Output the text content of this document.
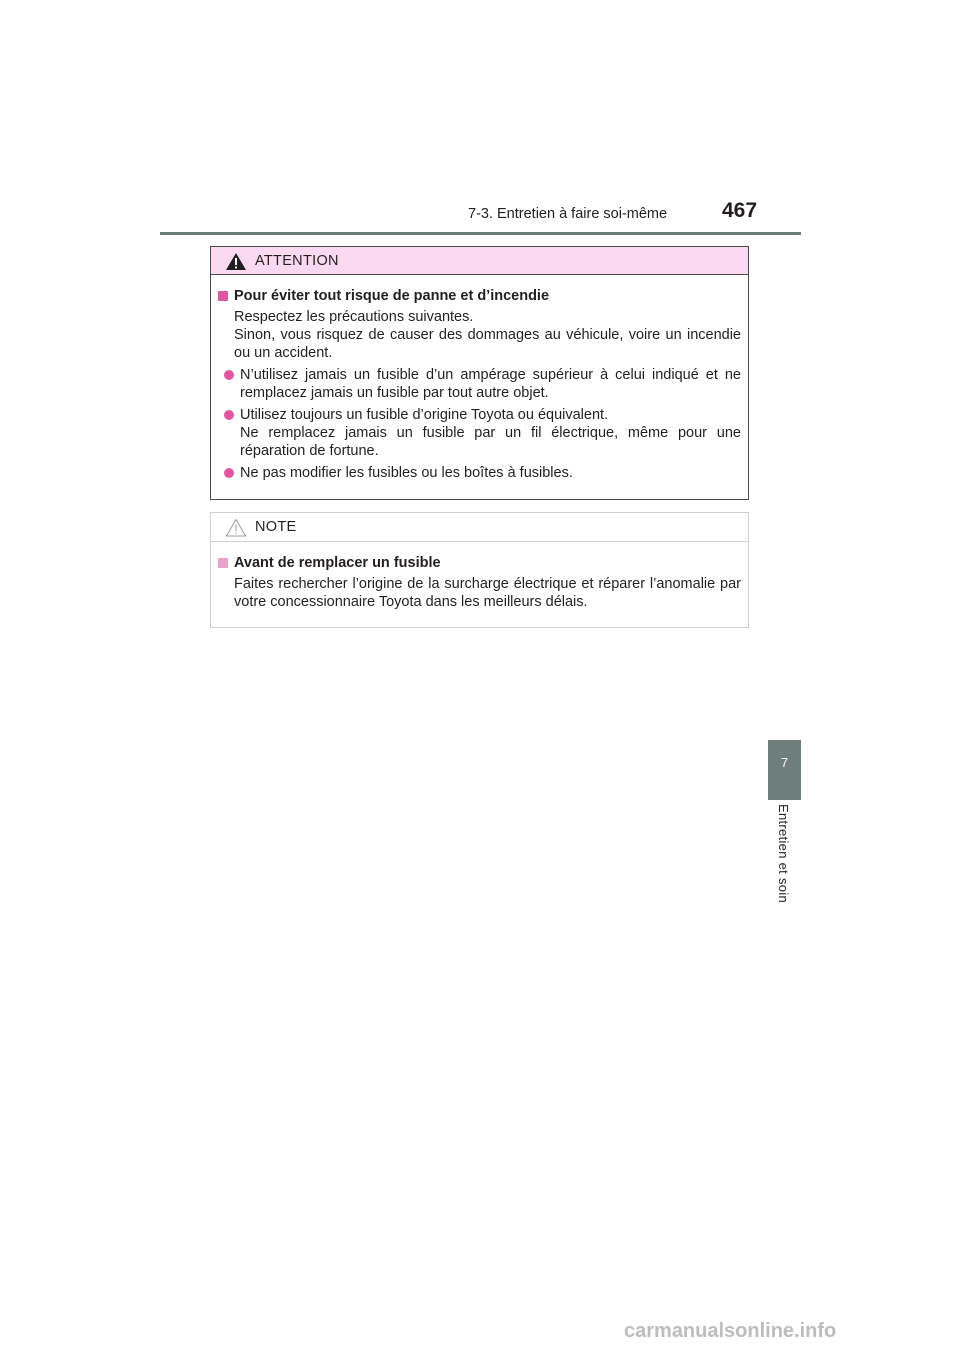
7-3. Entretien à faire soi-même	467
ATTENTION
Pour éviter tout risque de panne et d’incendie

Respectez les précautions suivantes.

Sinon, vous risquez de causer des dommages au véhicule, voire un incendie ou un accident.

N’utilisez jamais un fusible d’un ampérage supérieur à celui indiqué et ne remplacez jamais un fusible par tout autre objet.

Utilisez toujours un fusible d’origine Toyota ou équivalent.

Ne remplacez jamais un fusible par un fil électrique, même pour une réparation de fortune.

Ne pas modifier les fusibles ou les boîtes à fusibles.

NOTE
Avant de remplacer un fusible

Faites rechercher l’origine de la surcharge électrique et réparer l’anomalie par votre concessionnaire Toyota dans les meilleurs délais.

7
Entretien et soin
carmanualsonline.info
